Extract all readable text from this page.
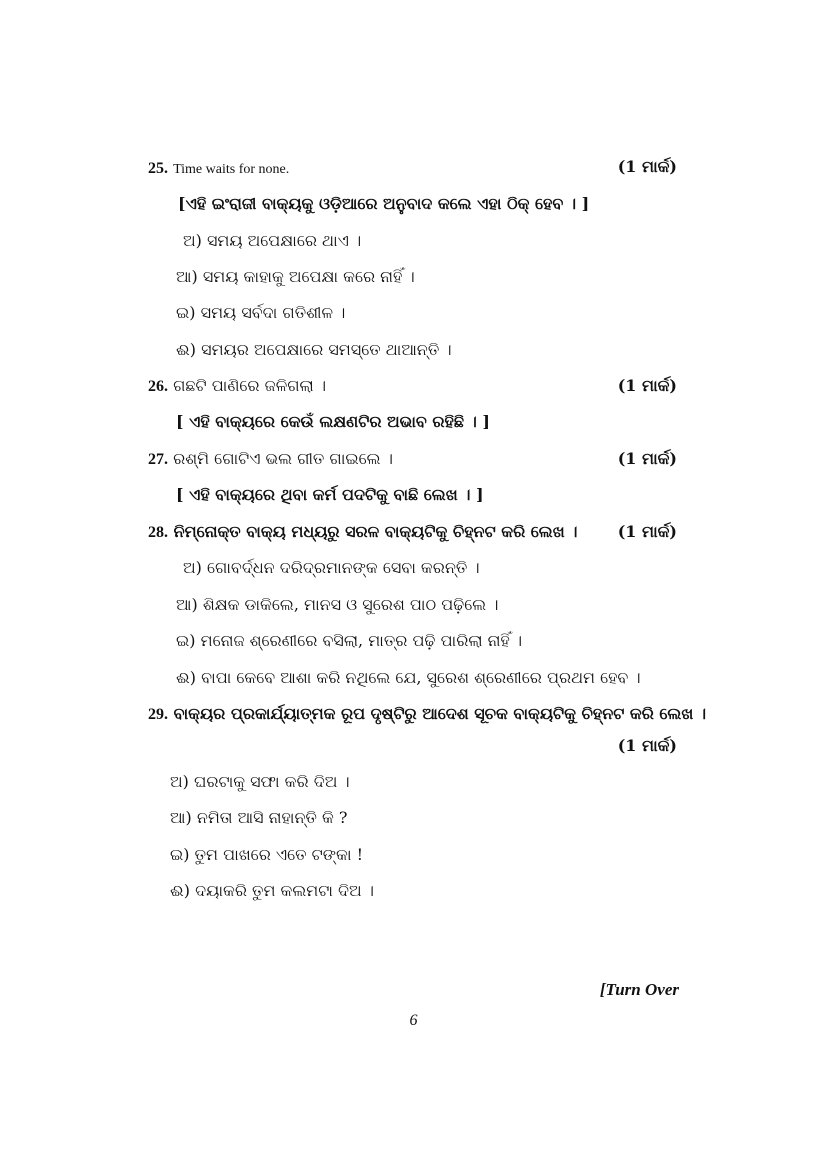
25. Time waits for none.	(1 ମାର୍କ)
[ଏହି ଇଂରାଜୀ ବାକ୍ୟକୁ ଓଡ଼ିଆରେ ଅନୁବାଦ କଲେ ଏହା ଠିକ୍ ହେବ । ]
ଅ) ସମୟ ଅପେକ୍ଷାରେ ଥାଏ ।
ଆ) ସମୟ କାହାକୁ ଅପେକ୍ଷା କରେ ନାହିଁ ।
ଇ) ସମୟ ସର୍ବଦା ଗତିଶୀଳ ।
ଈ) ସମୟର ଅପେକ୍ଷାରେ ସମସ୍ତେ ଥାଆନ୍ତି ।
26. ଗଛଟି ପାଣିରେ ଜଳିଗଲା ।	(1 ମାର୍କ)
[ ଏହି ବାକ୍ୟରେ କେଉଁ ଲକ୍ଷଣଟିର ଅଭାବ ରହିଛି । ]
27. ରଶ୍ମି ଗୋଟିଏ ଭଲ ଗୀତ ଗାଇଲେ ।	(1 ମାର୍କ)
[ ଏହି ବାକ୍ୟରେ ଥିବା କର୍ମ ପଦଟିକୁ ବାଛି ଲେଖ । ]
28. ନିମ୍ନୋକ୍ତ ବାକ୍ୟ ମଧ୍ୟରୁ ସରଳ ବାକ୍ୟଟିକୁ ଚିହ୍ନଟ କରି ଲେଖ ।	(1 ମାର୍କ)
ଅ) ଗୋବର୍ଦ୍ଧନ ଦରିଦ୍ରମାନଙ୍କ ସେବା କରନ୍ତି ।
ଆ) ଶିକ୍ଷକ ଡାକିଲେ, ମାନସ ଓ ସୁରେଶ ପାଠ ପଢ଼ିଲେ ।
ଇ) ମନୋଜ ଶ୍ରେଣୀରେ ବସିଲା, ମାତ୍ର ପଢ଼ି ପାରିଲା ନାହିଁ ।
ଈ) ବାପା କେବେ ଆଶା କରି ନଥିଲେ ଯେ, ସୁରେଶ ଶ୍ରେଣୀରେ ପ୍ରଥମ ହେବ ।
29. ବାକ୍ୟର ପ୍ରକାର୍ଯ୍ୟାତ୍ମକ ରୂପ ଦୃଷ୍ଟିରୁ ଆଦେଶ ସୂଚକ ବାକ୍ୟଟିକୁ ଚିହ୍ନଟ କରି ଲେଖ ।
(1 ମାର୍କ)
ଅ) ଘରଟାକୁ ସଫା କରି ଦିଅ ।
ଆ) ନମିତା ଆସି ନାହାନ୍ତି କି ?
ଇ) ତୁମ ପାଖରେ ଏତେ ଟଙ୍କା !
ଈ) ଦୟାକରି ତୁମ କଲମଟା ଦିଅ ।
[Turn Over
6
